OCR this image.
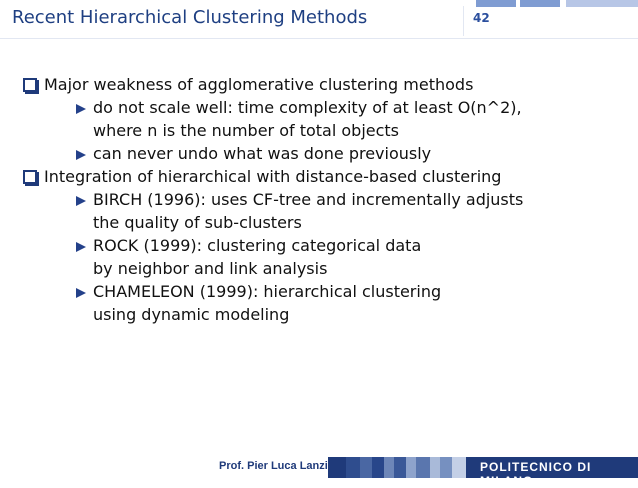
Recent Hierarchical Clustering Methods	42
Major weakness of agglomerative clustering methods
do not scale well: time complexity of at least O(n^2),
where n is the number of total objects
can never undo what was done previously
Integration of hierarchical with distance-based clustering
BIRCH (1996): uses CF-tree and incrementally adjusts
the quality of sub-clusters
ROCK (1999): clustering categorical data
by neighbor and link analysis
CHAMELEON (1999): hierarchical clustering
using dynamic modeling
Prof. Pier Luca Lanzi	POLITECNICO DI MILANO
